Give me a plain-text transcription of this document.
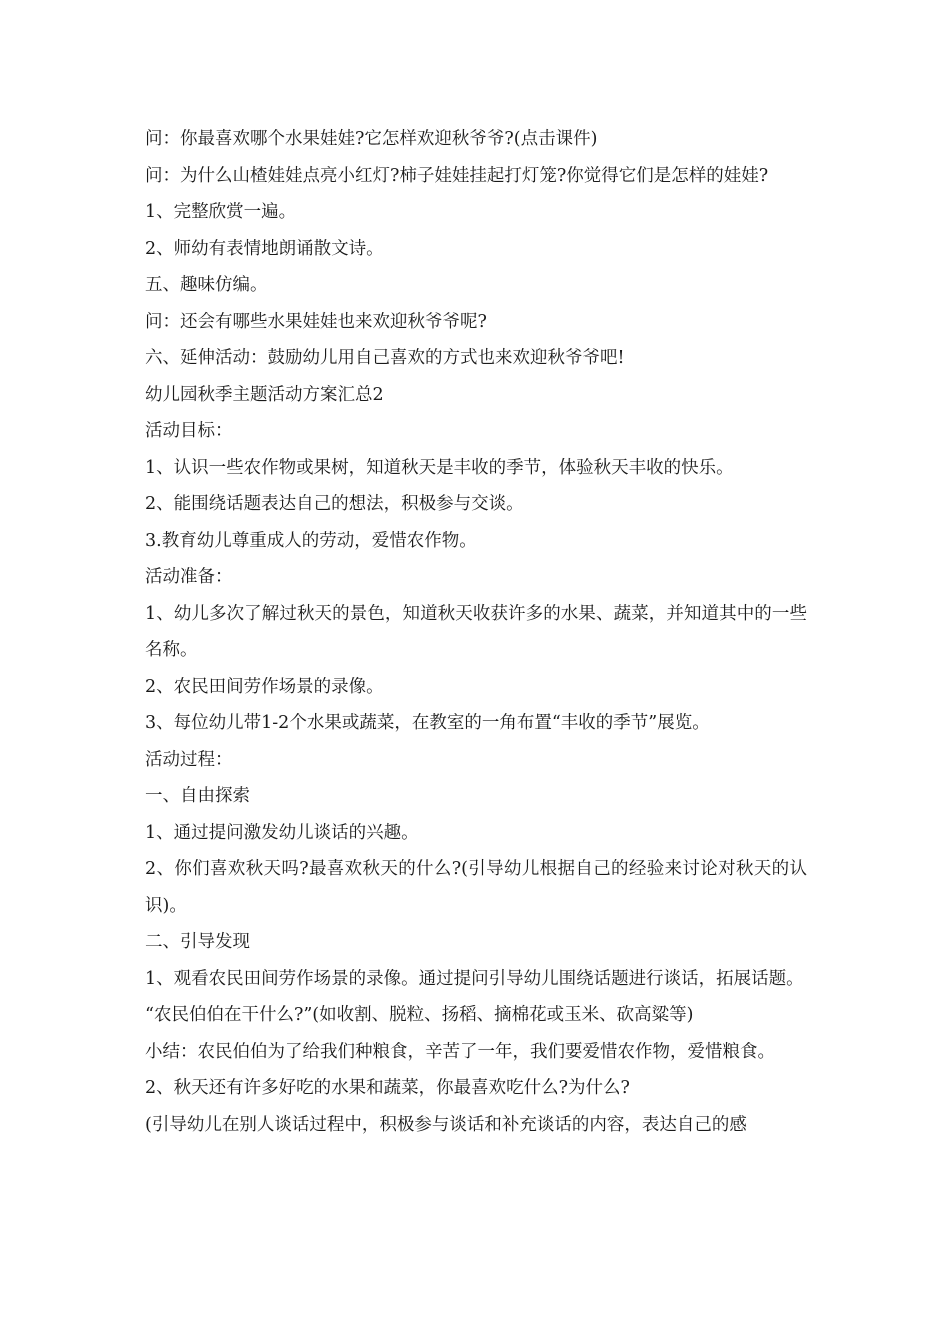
问：你最喜欢哪个水果娃娃?它怎样欢迎秋爷爷?(点击课件)

问：为什么山楂娃娃点亮小红灯?柿子娃娃挂起打灯笼?你觉得它们是怎样的娃娃?

1、完整欣赏一遍。

2、师幼有表情地朗诵散文诗。

五、趣味仿编。

问：还会有哪些水果娃娃也来欢迎秋爷爷呢?

六、延伸活动：鼓励幼儿用自己喜欢的方式也来欢迎秋爷爷吧!

幼儿园秋季主题活动方案汇总2

活动目标：

1、认识一些农作物或果树，知道秋天是丰收的季节，体验秋天丰收的快乐。

2、能围绕话题表达自己的想法，积极参与交谈。

3.教育幼儿尊重成人的劳动，爱惜农作物。

活动准备：

1、幼儿多次了解过秋天的景色，知道秋天收获许多的水果、蔬菜，并知道其中的一些名称。

2、农民田间劳作场景的录像。

3、每位幼儿带1-2个水果或蔬菜，在教室的一角布置“丰收的季节”展览。

活动过程：

一、自由探索

1、通过提问激发幼儿谈话的兴趣。

2、你们喜欢秋天吗?最喜欢秋天的什么?(引导幼儿根据自己的经验来讨论对秋天的认识)。

二、引导发现

1、观看农民田间劳作场景的录像。通过提问引导幼儿围绕话题进行谈话，拓展话题。

“农民伯伯在干什么?”(如收割、脱粒、扬稻、摘棉花或玉米、砍高粱等)

小结：农民伯伯为了给我们种粮食，辛苦了一年，我们要爱惜农作物，爱惜粮食。

2、秋天还有许多好吃的水果和蔬菜，你最喜欢吃什么?为什么?

(引导幼儿在别人谈话过程中，积极参与谈话和补充谈话的内容，表达自己的感
